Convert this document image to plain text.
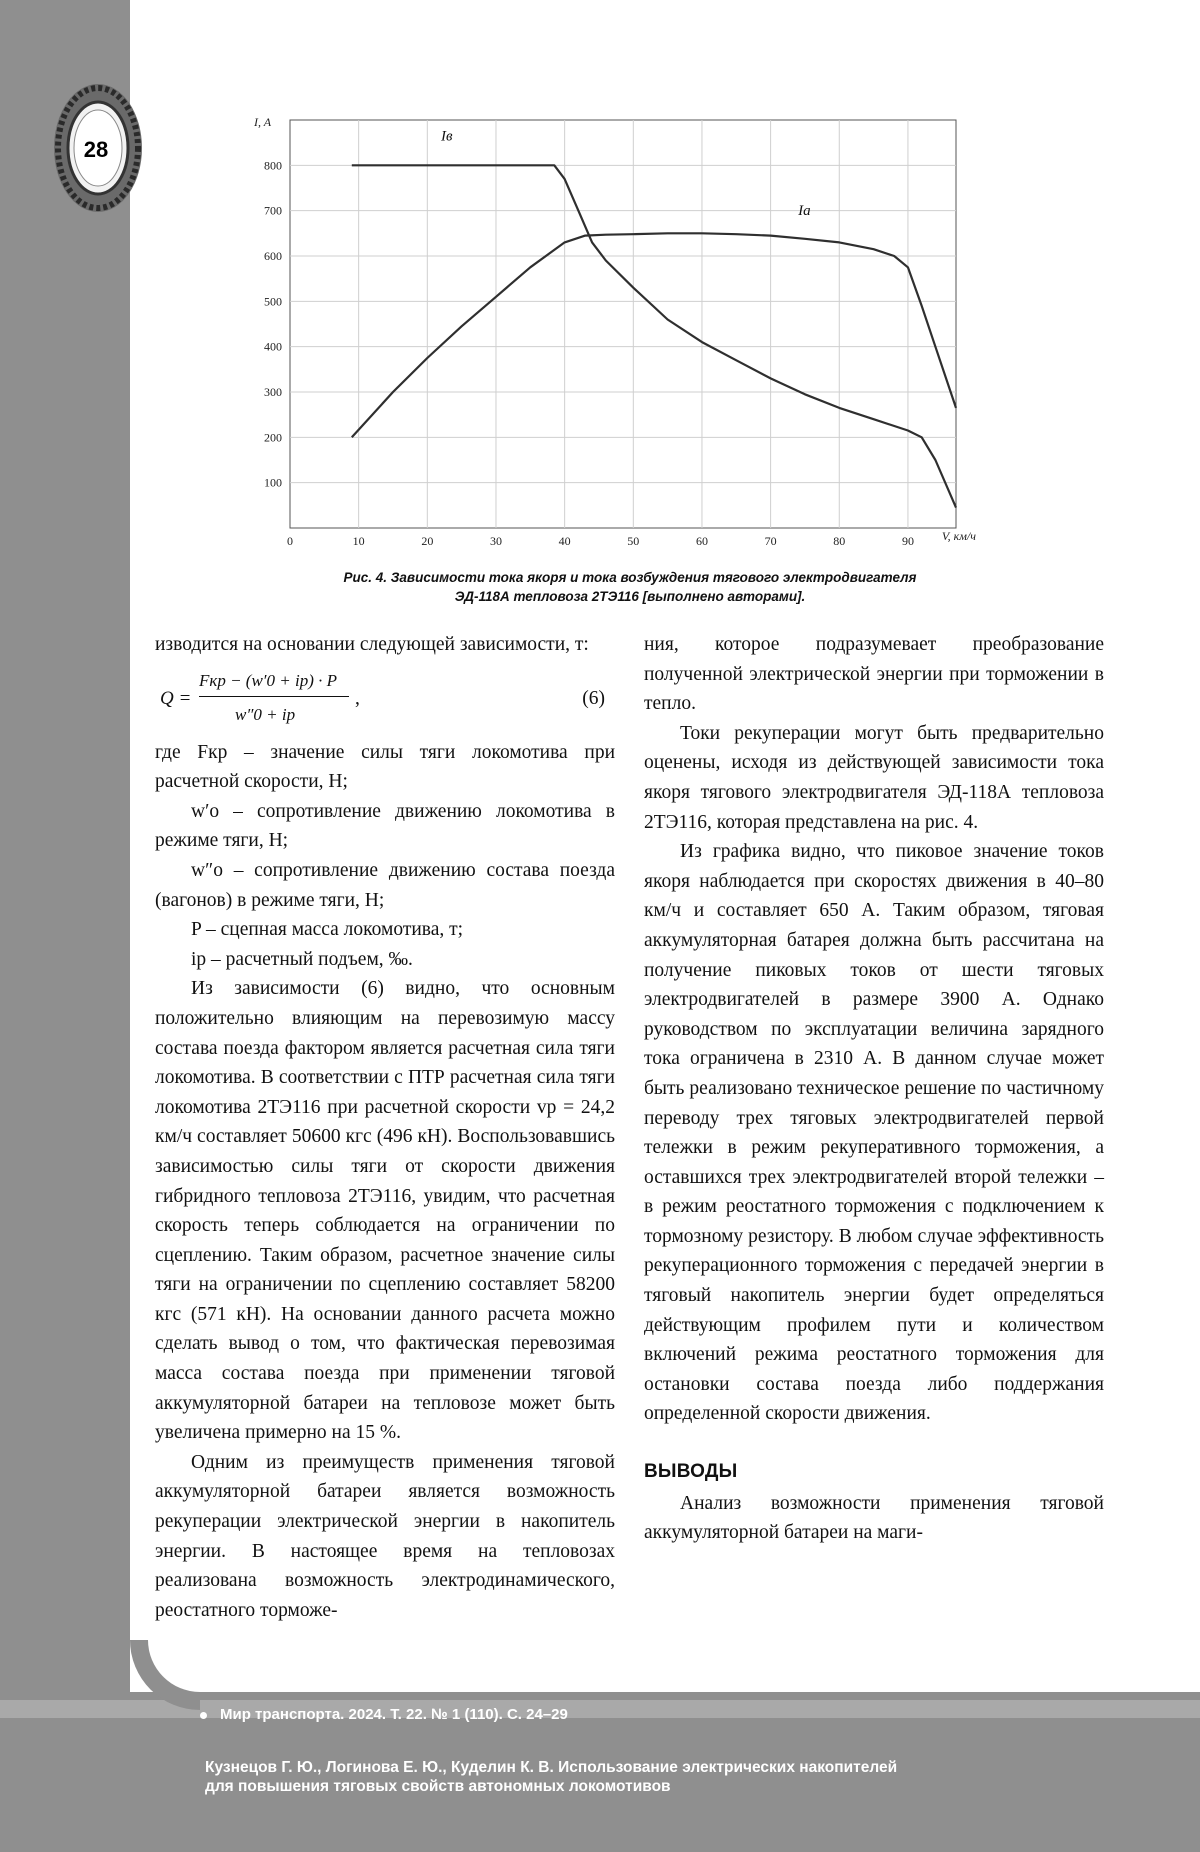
28
0	10	20	30	40	50	60	70	80	90
100
200
300
400
500
600
700
800
Iв
Iа
I, A
V, км/ч
Рис. 4. Зависимости тока якоря и тока возбуждения тягового электродвигателя
ЭД-118А тепловоза 2ТЭ116 [выполнено авторами].

изводится на основании следующей зависимости, т:

Q =
Fкр − (w′0 + iр) · P
w″0 + iр
,	(6)

где Fкр – значение силы тяги локомотива при расчетной скорости, Н;

w′о – сопротивление движению локомотива в режиме тяги, Н;

w″о – сопротивление движению состава поезда (вагонов) в режиме тяги, Н;

P – сцепная масса локомотива, т;

iр – расчетный подъем, ‰.

Из зависимости (6) видно, что основным положительно влияющим на перевозимую массу состава поезда фактором является расчетная сила тяги локомотива. В соответствии с ПТР расчетная сила тяги локомотива 2ТЭ116 при расчетной скорости vр = 24,2 км/ч составляет 50600 кгс (496 кН). Воспользовавшись зависимостью силы тяги от скорости движения гибридного тепловоза 2ТЭ116, увидим, что расчетная скорость теперь соблюдается на ограничении по сцеплению. Таким образом, расчетное значение силы тяги на ограничении по сцеплению составляет 58200 кгс (571 кН). На основании данного расчета можно сделать вывод о том, что фактическая перевозимая масса состава поезда при применении тяговой аккумуляторной батареи на тепловозе может быть увеличена примерно на 15 %.

Одним из преимуществ применения тяговой аккумуляторной батареи является возможность рекуперации электрической энергии в накопитель энергии. В настоящее время на тепловозах реализована возможность электродинамического, реостатного торможе-

ния, которое подразумевает преобразование полученной электрической энергии при торможении в тепло.

Токи рекуперации могут быть предварительно оценены, исходя из действующей зависимости тока якоря тягового электродвигателя ЭД-118А тепловоза 2ТЭ116, которая представлена на рис. 4.

Из графика видно, что пиковое значение токов якоря наблюдается при скоростях движения в 40–80 км/ч и составляет 650 А. Таким образом, тяговая аккумуляторная батарея должна быть рассчитана на получение пиковых токов от шести тяговых электродвигателей в размере 3900 А. Однако руководством по эксплуатации величина зарядного тока ограничена в 2310 А. В данном случае может быть реализовано техническое решение по частичному переводу трех тяговых электродвигателей первой тележки в режим рекуперативного торможения, а оставшихся трех электродвигателей второй тележки – в режим реостатного торможения с подключением к тормозному резистору. В любом случае эффективность рекуперационного торможения с передачей энергии в тяговый накопитель энергии будет определяться действующим профилем пути и количеством включений режима реостатного торможения для остановки состава поезда либо поддержания определенной скорости движения.

ВЫВОДЫ

Анализ возможности применения тяговой аккумуляторной батареи на маги-

Мир транспорта. 2024. Т. 22. № 1 (110). С. 24–29
Кузнецов Г. Ю., Логинова Е. Ю., Куделин К. В. Использование электрических накопителей
для повышения тяговых свойств автономных локомотивов
